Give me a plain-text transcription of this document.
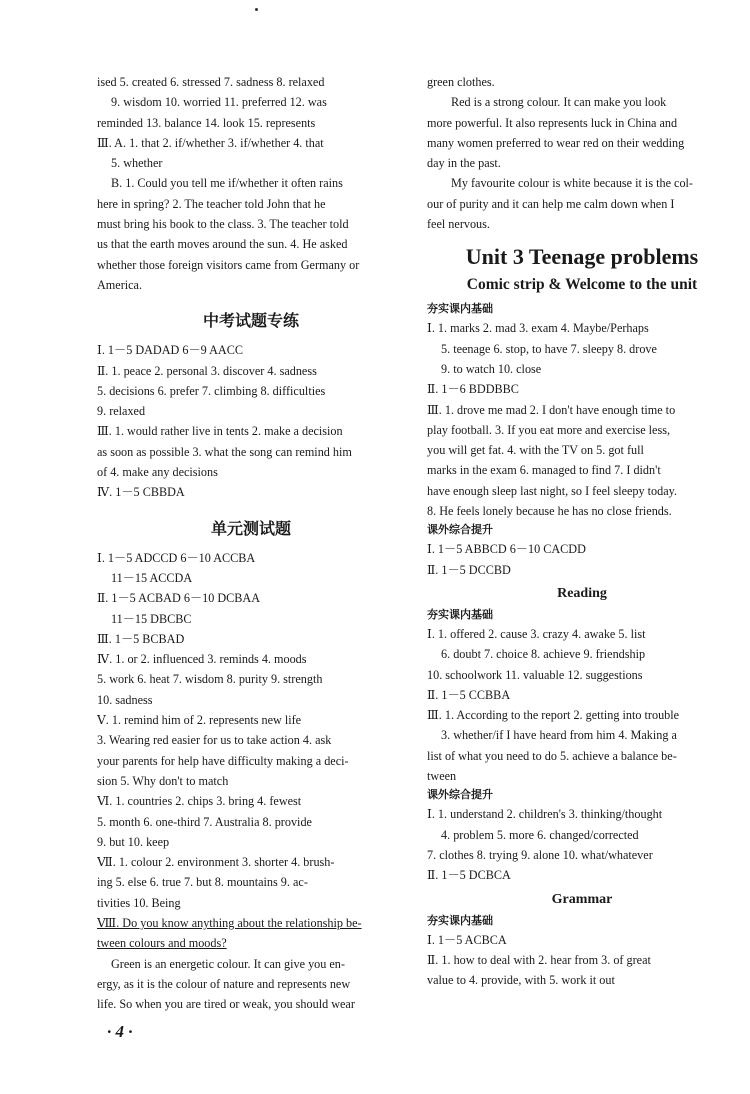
ised 5. created 6. stressed 7. sadness 8. relaxed
9. wisdom 10. worried 11. preferred 12. was
reminded 13. balance 14. look 15. represents
Ⅲ. A. 1. that 2. if/whether 3. if/whether 4. that
5. whether
B. 1. Could you tell me if/whether it often rains
here in spring? 2. The teacher told John that he
must bring his book to the class. 3. The teacher told
us that the earth moves around the sun. 4. He asked
whether those foreign visitors came from Germany or
America.
中考试题专练
Ⅰ. 1－5 DADAD 6－9 AACC
Ⅱ. 1. peace 2. personal 3. discover 4. sadness
5. decisions 6. prefer 7. climbing 8. difficulties
9. relaxed
Ⅲ. 1. would rather live in tents 2. make a decision
as soon as possible 3. what the song can remind him
of 4. make any decisions
Ⅳ. 1－5 CBBDA
单元测试题
Ⅰ. 1－5 ADCCD 6－10 ACCBA
11－15 ACCDA
Ⅱ. 1－5 ACBAD 6－10 DCBAA
11－15 DBCBC
Ⅲ. 1－5 BCBAD
Ⅳ. 1. or 2. influenced 3. reminds 4. moods
5. work 6. heat 7. wisdom 8. purity 9. strength
10. sadness
Ⅴ. 1. remind him of 2. represents new life
3. Wearing red easier for us to take action 4. ask
your parents for help have difficulty making a deci-
sion 5. Why don't to match
Ⅵ. 1. countries 2. chips 3. bring 4. fewest
5. month 6. one-third 7. Australia 8. provide
9. but 10. keep
Ⅶ. 1. colour 2. environment 3. shorter 4. brush-
ing 5. else 6. true 7. but 8. mountains 9. ac-
tivities 10. Being
Ⅷ. Do you know anything about the relationship be-
tween colours and moods?
Green is an energetic colour. It can give you en-
ergy, as it is the colour of nature and represents new
life. So when you are tired or weak, you should wear
green clothes.
Red is a strong colour. It can make you look
more powerful. It also represents luck in China and
many women preferred to wear red on their wedding
day in the past.
My favourite colour is white because it is the col-
our of purity and it can help me calm down when I
feel nervous.
Unit 3 Teenage problems
Comic strip & Welcome to the unit
夯实课内基础
Ⅰ. 1. marks 2. mad 3. exam 4. Maybe/Perhaps
5. teenage 6. stop, to have 7. sleepy 8. drove
9. to watch 10. close
Ⅱ. 1－6 BDDBBC
Ⅲ. 1. drove me mad 2. I don't have enough time to
play football. 3. If you eat more and exercise less,
you will get fat. 4. with the TV on 5. got full
marks in the exam 6. managed to find 7. I didn't
have enough sleep last night, so I feel sleepy today.
8. He feels lonely because he has no close friends.
课外综合提升
Ⅰ. 1－5 ABBCD 6－10 CACDD
Ⅱ. 1－5 DCCBD
Reading
夯实课内基础
Ⅰ. 1. offered 2. cause 3. crazy 4. awake 5. list
6. doubt 7. choice 8. achieve 9. friendship
10. schoolwork 11. valuable 12. suggestions
Ⅱ. 1－5 CCBBA
Ⅲ. 1. According to the report 2. getting into trouble
3. whether/if I have heard from him 4. Making a
list of what you need to do 5. achieve a balance be-
tween
课外综合提升
Ⅰ. 1. understand 2. children's 3. thinking/thought
4. problem 5. more 6. changed/corrected
7. clothes 8. trying 9. alone 10. what/whatever
Ⅱ. 1－5 DCBCA
Grammar
夯实课内基础
Ⅰ. 1－5 ACBCA
Ⅱ. 1. how to deal with 2. hear from 3. of great
value to 4. provide, with 5. work it out
· 4 ·
